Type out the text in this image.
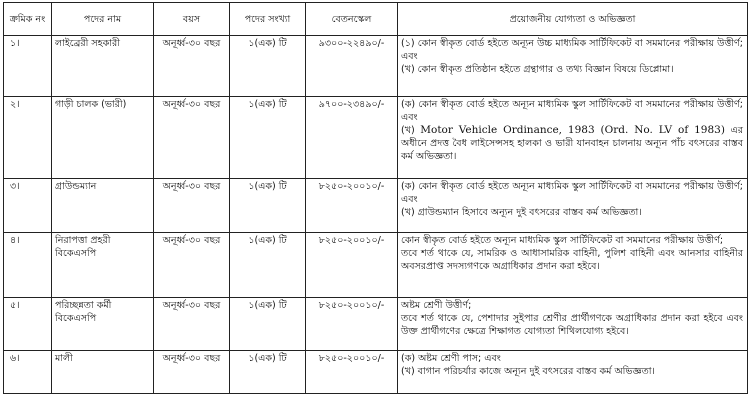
ক্রমিক নং	পদের নাম	বয়স	পদের সংখ্যা	বেতনস্কেল	প্রয়োজনীয় যোগ্যতা ও অভিজ্ঞতা
১।	লাইব্রেরী সহকারী	অনূর্ধ্ব-৩০ বছর	১(এক) টি	৯৩০০-২২৪৯০/-	(১) কোন স্বীকৃত বোর্ড হইতে অন্যূন উচ্চ মাধ্যমিক সার্টিফিকেট বা সমমানের পরীক্ষায় উত্তীর্ণ; এবং
(খ) কোন স্বীকৃত প্রতিষ্ঠান হইতে গ্রন্থাগার ও তথ্য বিজ্ঞান বিষয়ে ডিপ্লোমা।

২।	গাড়ী চালক (ভারী)	অনূর্ধ্ব-৩০ বছর	১(এক) টি	৯৭০০-২৩৪৯০/-	(ক) কোন স্বীকৃত বোর্ড হইতে অন্যূন মাধ্যমিক স্কুল সার্টিফিকেট বা সমমানের পরীক্ষায় উত্তীর্ণ; এবং
(খ) Motor Vehicle Ordinance, 1983 (Ord. No. LV of 1983) এর অধীনে প্রদত্ত বৈধ লাইসেন্সসহ হালকা ও ভারী যানবাহন চালনায় অন্যূন পাঁচ বৎসরের বাস্তব কর্ম অভিজ্ঞতা।

৩।	গ্রাউন্ডম্যান	অনূর্ধ্ব-৩০ বছর	১(এক) টি	৮২৫০-২০০১০/-	(ক) কোন স্বীকৃত বোর্ড হইতে অন্যূন মাধ্যমিক স্কুল সার্টিফিকেট বা সমমানের পরীক্ষায় উত্তীর্ণ; এবং
(খ) গ্রাউন্ডম্যান হিসাবে অন্যূন দুই বৎসরের বাস্তব কর্ম অভিজ্ঞতা।

৪।	নিরাপত্তা প্রহরী বিকেএসপি	অনূর্ধ্ব-৩০ বছর	১(এক) টি	৮২৫০-২০০১০/-	কোন স্বীকৃত বোর্ড হইতে অন্যূন মাধ্যমিক স্কুল সার্টিফিকেট বা সমমানের পরীক্ষায় উত্তীর্ণ;
তবে শর্ত থাকে যে, সামরিক ও আধাসামরিক বাহিনী, পুলিশ বাহিনী এবং আনসার বাহিনীর অবসরপ্রাপ্ত সদস্যগণকে অগ্রাধিকার প্রদান করা হইবে।

৫।	পরিচ্ছন্নতা কর্মী বিকেএসপি	অনূর্ধ্ব-৩০ বছর	১(এক) টি	৮২৫০-২০০১০/-	অষ্টম শ্রেণী উত্তীর্ণ;
তবে শর্ত থাকে যে, পেশাদার সুইপার শ্রেণীর প্রার্থীগণকে অগ্রাধিকার প্রদান করা হইবে এবং উক্ত প্রার্থীগণের ক্ষেত্রে শিক্ষাগত যোগ্যতা শিথিলযোগ্য হইবে।

৬।	মালী	অনূর্ধ্ব-৩০ বছর	১(এক) টি	৮২৫০-২০০১০/-	(ক) অষ্টম শ্রেণী পাস; এবং
(খ) বাগান পরিচর্যার কাজে অন্যূন দুই বৎসরের বাস্তব কর্ম অভিজ্ঞতা।
